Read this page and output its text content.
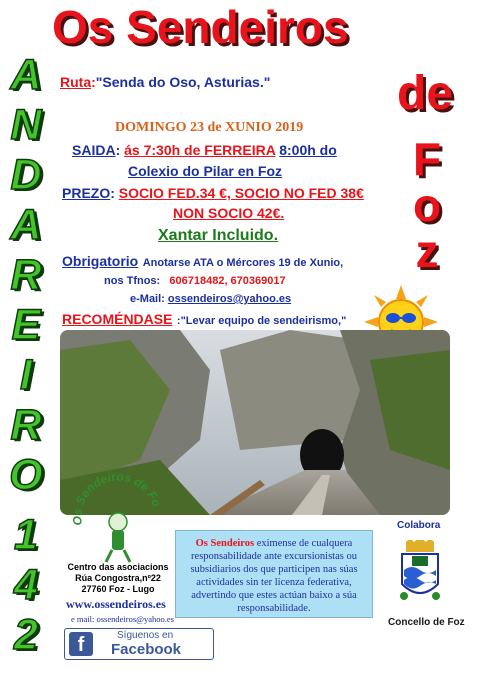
Os Sendeiros
de
F
o
z
A
N
D
A
R
E
I
R
O
1
4
2
Ruta:"Senda do Oso, Asturias."
DOMINGO 23 de XUNIO 2019
SAIDA: ás 7:30h de FERREIRA 8:00h do
Colexio do Pilar en Foz
PREZO: SOCIO FED.34 €, SOCIO NO FED 38€
NON SOCIO 42€.
Xantar Incluido.
Obrigatorio Anotarse ATA o Mércores 19 de Xunio,
nos Tfnos: 606718482, 670369017
e-Mail: ossendeiros@yahoo.es
RECOMÉNDASE :"Levar equipo de sendeirismo,"
Os Sendeiros de Fo
Centro das asociacions
Rúa Congostra,nº22
27760 Foz - Lugo
www.ossendeiros.es
e mail: ossendeiros@yahoo.es
Os Sendeiros eximense de cualquera responsabilidade ante excursionistas ou subsidiarios dos que participen nas súas actividades sin ter licenza federativa, advertindo que estes actúan baixo a súa responsabilidade.
Colabora
Concello de Foz
f	Síguenos en
Facebook
